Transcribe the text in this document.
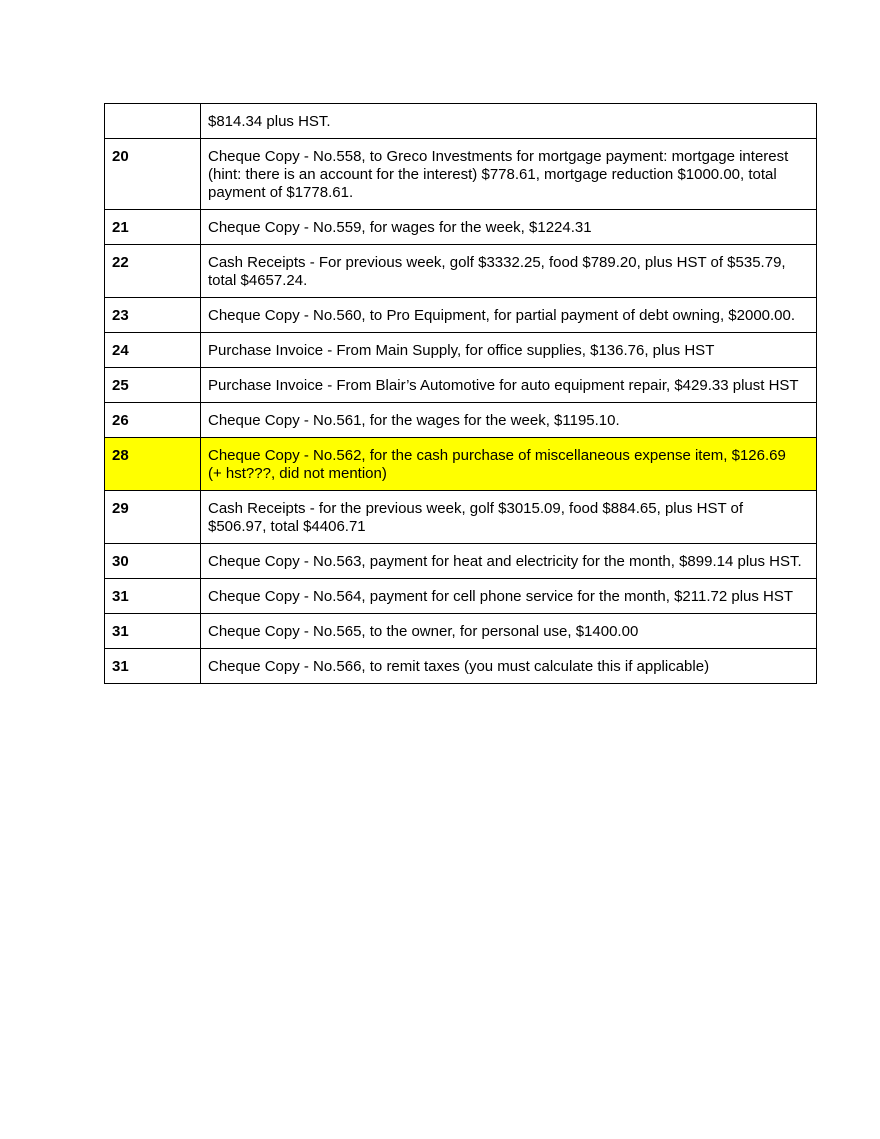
	$814.34 plus HST.
20	Cheque Copy - No.558, to Greco Investments for mortgage payment: mortgage interest (hint: there is an account for the interest) $778.61, mortgage reduction $1000.00, total payment of $1778.61.
21	Cheque Copy - No.559, for wages for the week, $1224.31
22	Cash Receipts - For previous week, golf $3332.25, food $789.20, plus HST of $535.79, total $4657.24.
23	Cheque Copy - No.560, to Pro Equipment, for partial payment of debt owning, $2000.00.
24	Purchase Invoice - From Main Supply, for office supplies, $136.76, plus HST
25	Purchase Invoice - From Blair’s Automotive for auto equipment repair, $429.33 plust HST
26	Cheque Copy - No.561, for the wages for the week, $1195.10.
28	Cheque Copy - No.562, for the cash purchase of miscellaneous expense item, $126.69 (+ hst???, did not mention)
29	Cash Receipts - for the previous week, golf $3015.09, food $884.65, plus HST of $506.97, total $4406.71
30	Cheque Copy - No.563, payment for heat and electricity for the month, $899.14 plus HST.
31	Cheque Copy - No.564, payment for cell phone service for the month, $211.72 plus HST
31	Cheque Copy - No.565, to the owner, for personal use, $1400.00
31	Cheque Copy - No.566, to remit taxes (you must calculate this if applicable)
